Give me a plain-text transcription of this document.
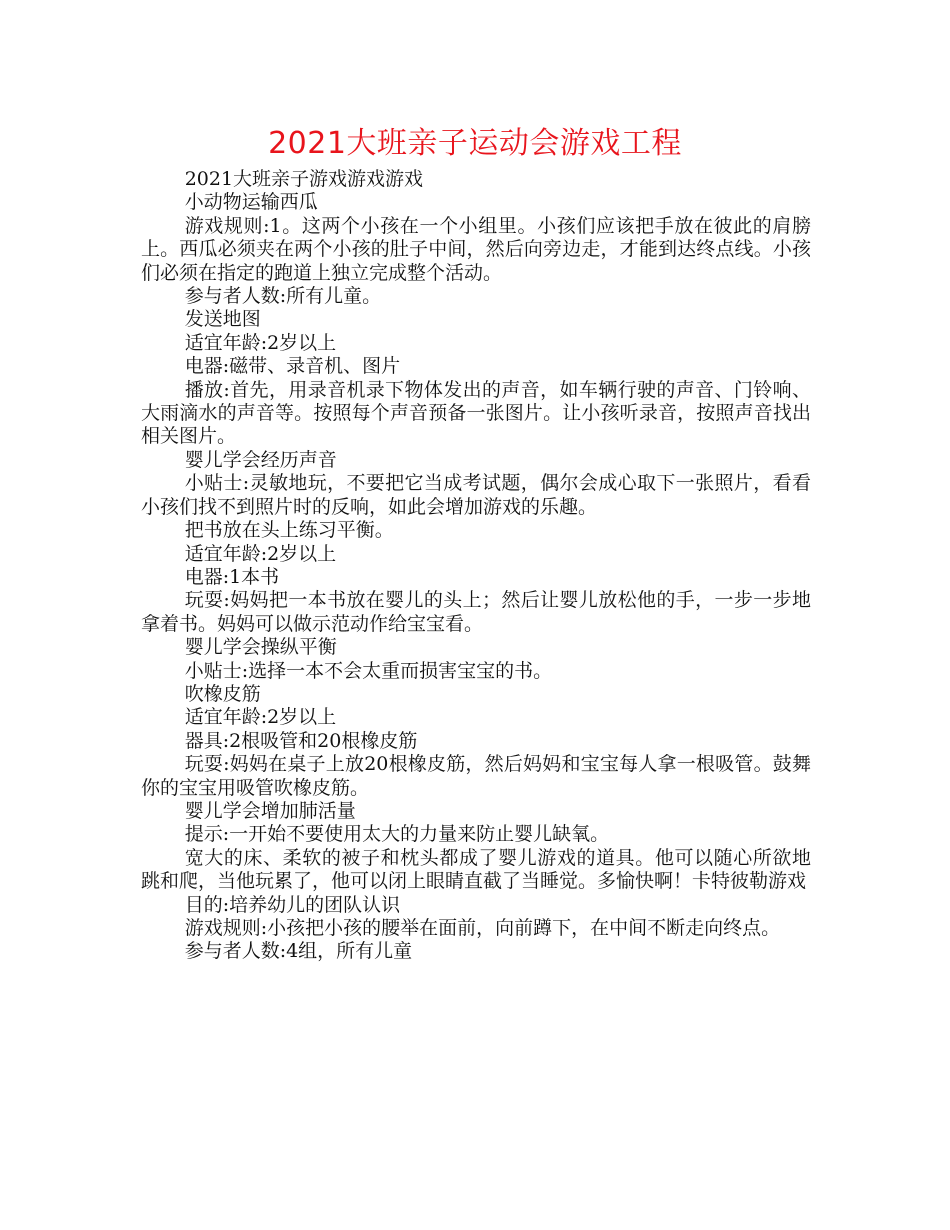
2021大班亲子运动会游戏工程

2021大班亲子游戏游戏游戏

小动物运输西瓜

游戏规则:1。这两个小孩在一个小组里。小孩们应该把手放在彼此的肩膀上。西瓜必须夹在两个小孩的肚子中间，然后向旁边走，才能到达终点线。小孩们必须在指定的跑道上独立完成整个活动。

参与者人数:所有儿童。

发送地图

适宜年龄:2岁以上

电器:磁带、录音机、图片

播放:首先，用录音机录下物体发出的声音，如车辆行驶的声音、门铃响、大雨滴水的声音等。按照每个声音预备一张图片。让小孩听录音，按照声音找出相关图片。

婴儿学会经历声音

小贴士:灵敏地玩，不要把它当成考试题，偶尔会成心取下一张照片，看看小孩们找不到照片时的反响，如此会增加游戏的乐趣。

把书放在头上练习平衡。

适宜年龄:2岁以上

电器:1本书

玩耍:妈妈把一本书放在婴儿的头上；然后让婴儿放松他的手，一步一步地拿着书。妈妈可以做示范动作给宝宝看。

婴儿学会操纵平衡

小贴士:选择一本不会太重而损害宝宝的书。

吹橡皮筋

适宜年龄:2岁以上

器具:2根吸管和20根橡皮筋

玩耍:妈妈在桌子上放20根橡皮筋，然后妈妈和宝宝每人拿一根吸管。鼓舞你的宝宝用吸管吹橡皮筋。

婴儿学会增加肺活量

提示:一开始不要使用太大的力量来防止婴儿缺氧。

宽大的床、柔软的被子和枕头都成了婴儿游戏的道具。他可以随心所欲地跳和爬，当他玩累了，他可以闭上眼睛直截了当睡觉。多愉快啊！卡特彼勒游戏

目的:培养幼儿的团队认识

游戏规则:小孩把小孩的腰举在面前，向前蹲下，在中间不断走向终点。

参与者人数:4组，所有儿童
